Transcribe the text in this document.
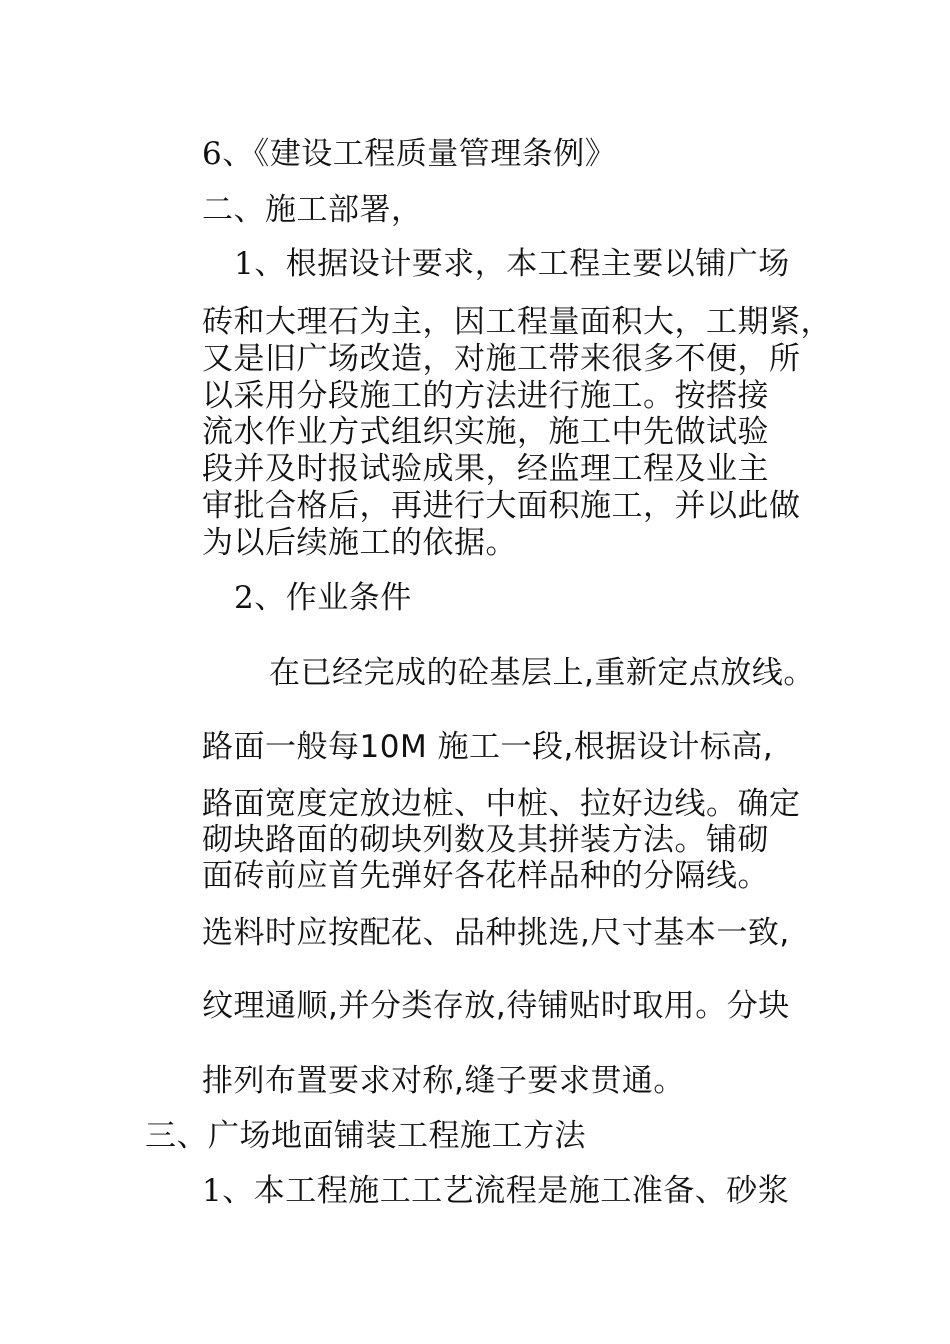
6、《建设工程质量管理条例》
二、施工部署，
1、根据设计要求，本工程主要以铺广场
砖和大理石为主，因工程量面积大，工期紧，
又是旧广场改造，对施工带来很多不便，所
以采用分段施工的方法进行施工。按搭接
流水作业方式组织实施，施工中先做试验
段并及时报试验成果，经监理工程及业主
审批合格后，再进行大面积施工，并以此做
为以后续施工的依据。
2、作业条件
在已经完成的砼基层上,重新定点放线。
路面一般每10M 施工一段,根据设计标高,
路面宽度定放边桩、中桩、拉好边线。确定
砌块路面的砌块列数及其拼装方法。铺砌
面砖前应首先弹好各花样品种的分隔线。
选料时应按配花、品种挑选,尺寸基本一致,
纹理通顺,并分类存放,待铺贴时取用。分块
排列布置要求对称,缝子要求贯通。
三、广场地面铺装工程施工方法
1、本工程施工工艺流程是施工准备、砂浆
